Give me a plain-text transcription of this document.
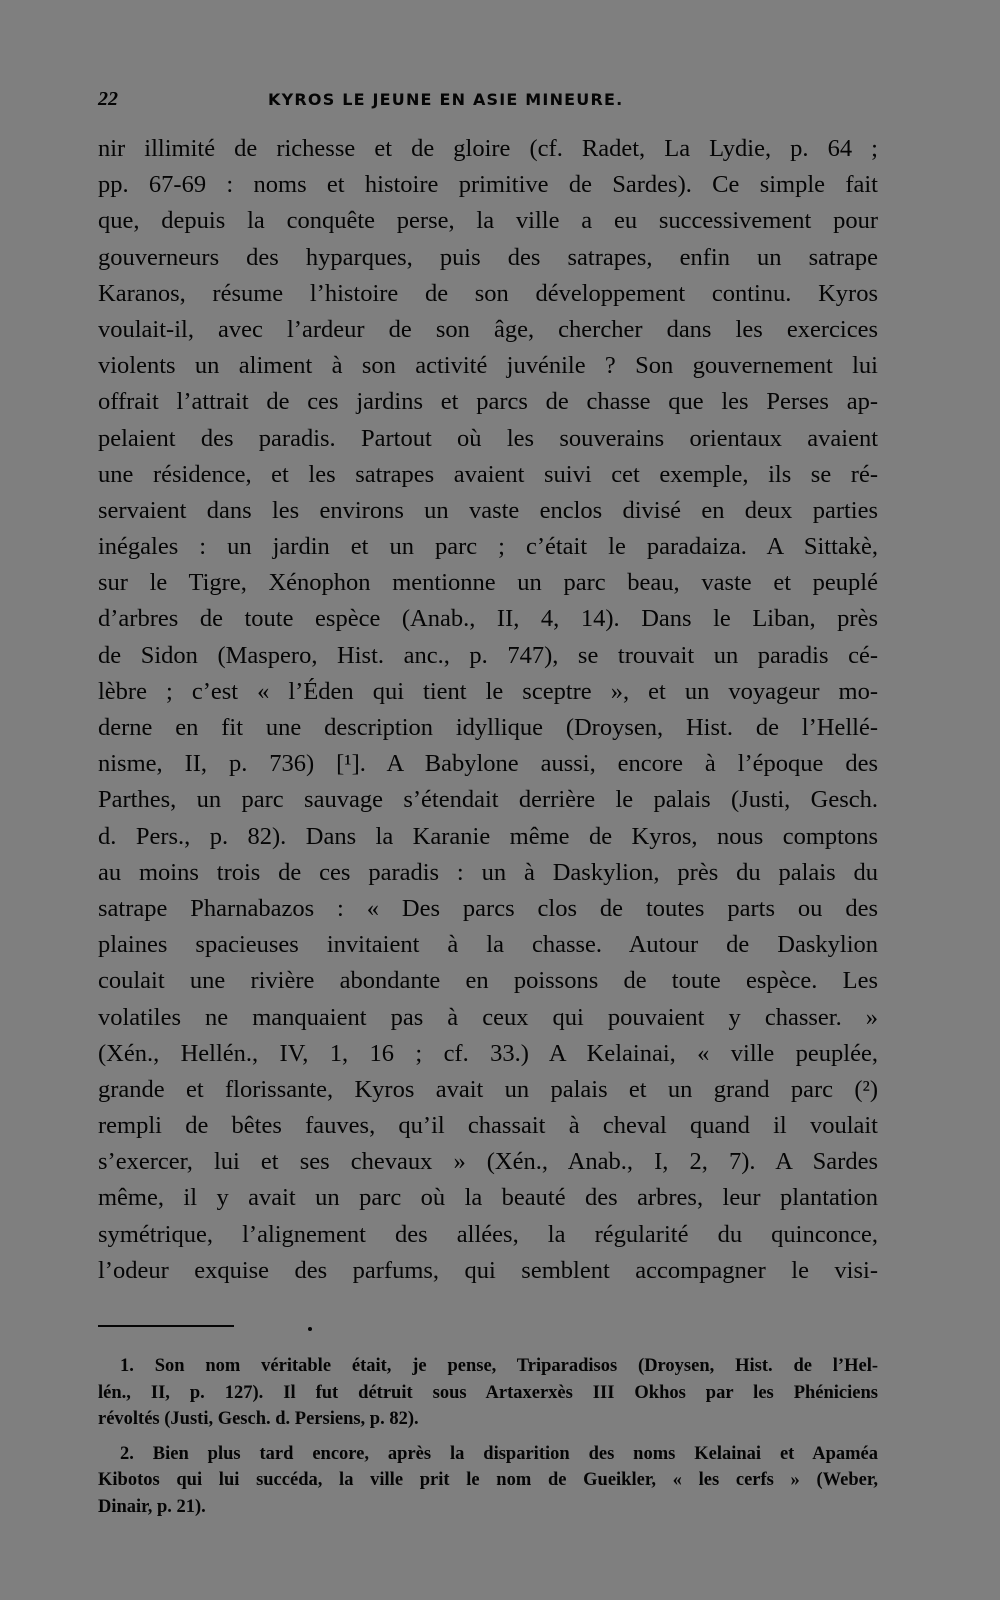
22	KYROS LE JEUNE EN ASIE MINEURE.
nir illimité de richesse et de gloire (cf. Radet, La Lydie, p. 64 ;
pp. 67-69 : noms et histoire primitive de Sardes). Ce simple fait
que, depuis la conquête perse, la ville a eu successivement pour
gouverneurs des hyparques, puis des satrapes, enfin un satrape
Karanos, résume l’histoire de son développement continu. Kyros
voulait-il, avec l’ardeur de son âge, chercher dans les exercices
violents un aliment à son activité juvénile ? Son gouvernement lui
offrait l’attrait de ces jardins et parcs de chasse que les Perses ap-
pelaient des paradis. Partout où les souverains orientaux avaient
une résidence, et les satrapes avaient suivi cet exemple, ils se ré-
servaient dans les environs un vaste enclos divisé en deux parties
inégales : un jardin et un parc ; c’était le paradaiza. A Sittakè,
sur le Tigre, Xénophon mentionne un parc beau, vaste et peuplé
d’arbres de toute espèce (Anab., II, 4, 14). Dans le Liban, près
de Sidon (Maspero, Hist. anc., p. 747), se trouvait un paradis cé-
lèbre ; c’est « l’Éden qui tient le sceptre », et un voyageur mo-
derne en fit une description idyllique (Droysen, Hist. de l’Hellé-
nisme, II, p. 736) [¹]. A Babylone aussi, encore à l’époque des
Parthes, un parc sauvage s’étendait derrière le palais (Justi, Gesch.
d. Pers., p. 82). Dans la Karanie même de Kyros, nous comptons
au moins trois de ces paradis : un à Daskylion, près du palais du
satrape Pharnabazos : « Des parcs clos de toutes parts ou des
plaines spacieuses invitaient à la chasse. Autour de Daskylion
coulait une rivière abondante en poissons de toute espèce. Les
volatiles ne manquaient pas à ceux qui pouvaient y chasser. »
(Xén., Hellén., IV, 1, 16 ; cf. 33.) A Kelainai, « ville peuplée,
grande et florissante, Kyros avait un palais et un grand parc (²)
rempli de bêtes fauves, qu’il chassait à cheval quand il voulait
s’exercer, lui et ses chevaux » (Xén., Anab., I, 2, 7). A Sardes
même, il y avait un parc où la beauté des arbres, leur plantation
symétrique, l’alignement des allées, la régularité du quinconce,
l’odeur exquise des parfums, qui semblent accompagner le visi-
1. Son nom véritable était, je pense, Triparadisos (Droysen, Hist. de l’Hel-
lén., II, p. 127). Il fut détruit sous Artaxerxès III Okhos par les Phéniciens
révoltés (Justi, Gesch. d. Persiens, p. 82).
2. Bien plus tard encore, après la disparition des noms Kelainai et Apaméa
Kibotos qui lui succéda, la ville prit le nom de Gueikler, « les cerfs » (Weber,
Dinair, p. 21).
